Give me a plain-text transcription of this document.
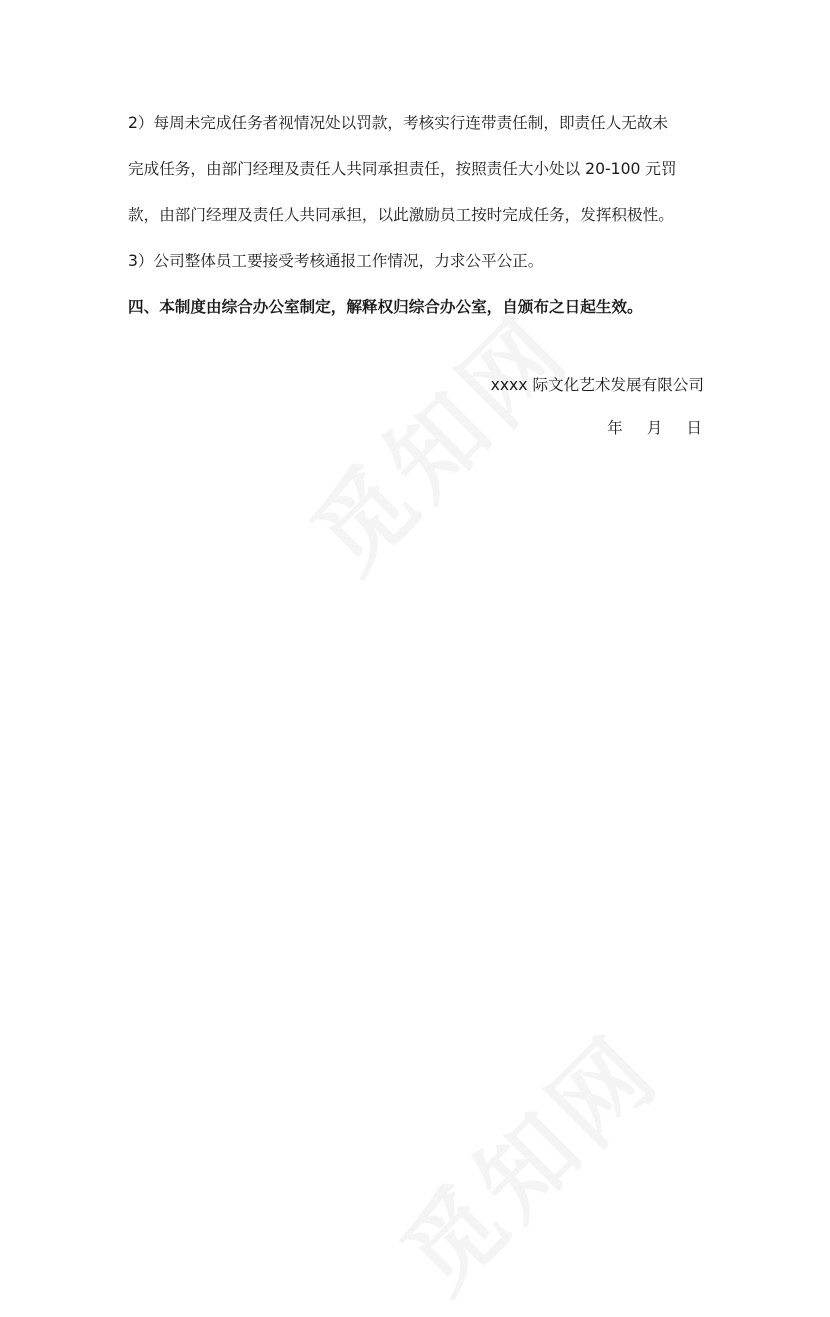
2）每周未完成任务者视情况处以罚款，考核实行连带责任制，即责任人无故未
完成任务，由部门经理及责任人共同承担责任，按照责任大小处以 20-100 元罚
款，由部门经理及责任人共同承担，以此激励员工按时完成任务，发挥积极性。
3）公司整体员工要接受考核通报工作情况，力求公平公正。
四、本制度由综合办公室制定，解释权归综合办公室，自颁布之日起生效。
xxxx 际文化艺术发展有限公司
年 月 日
